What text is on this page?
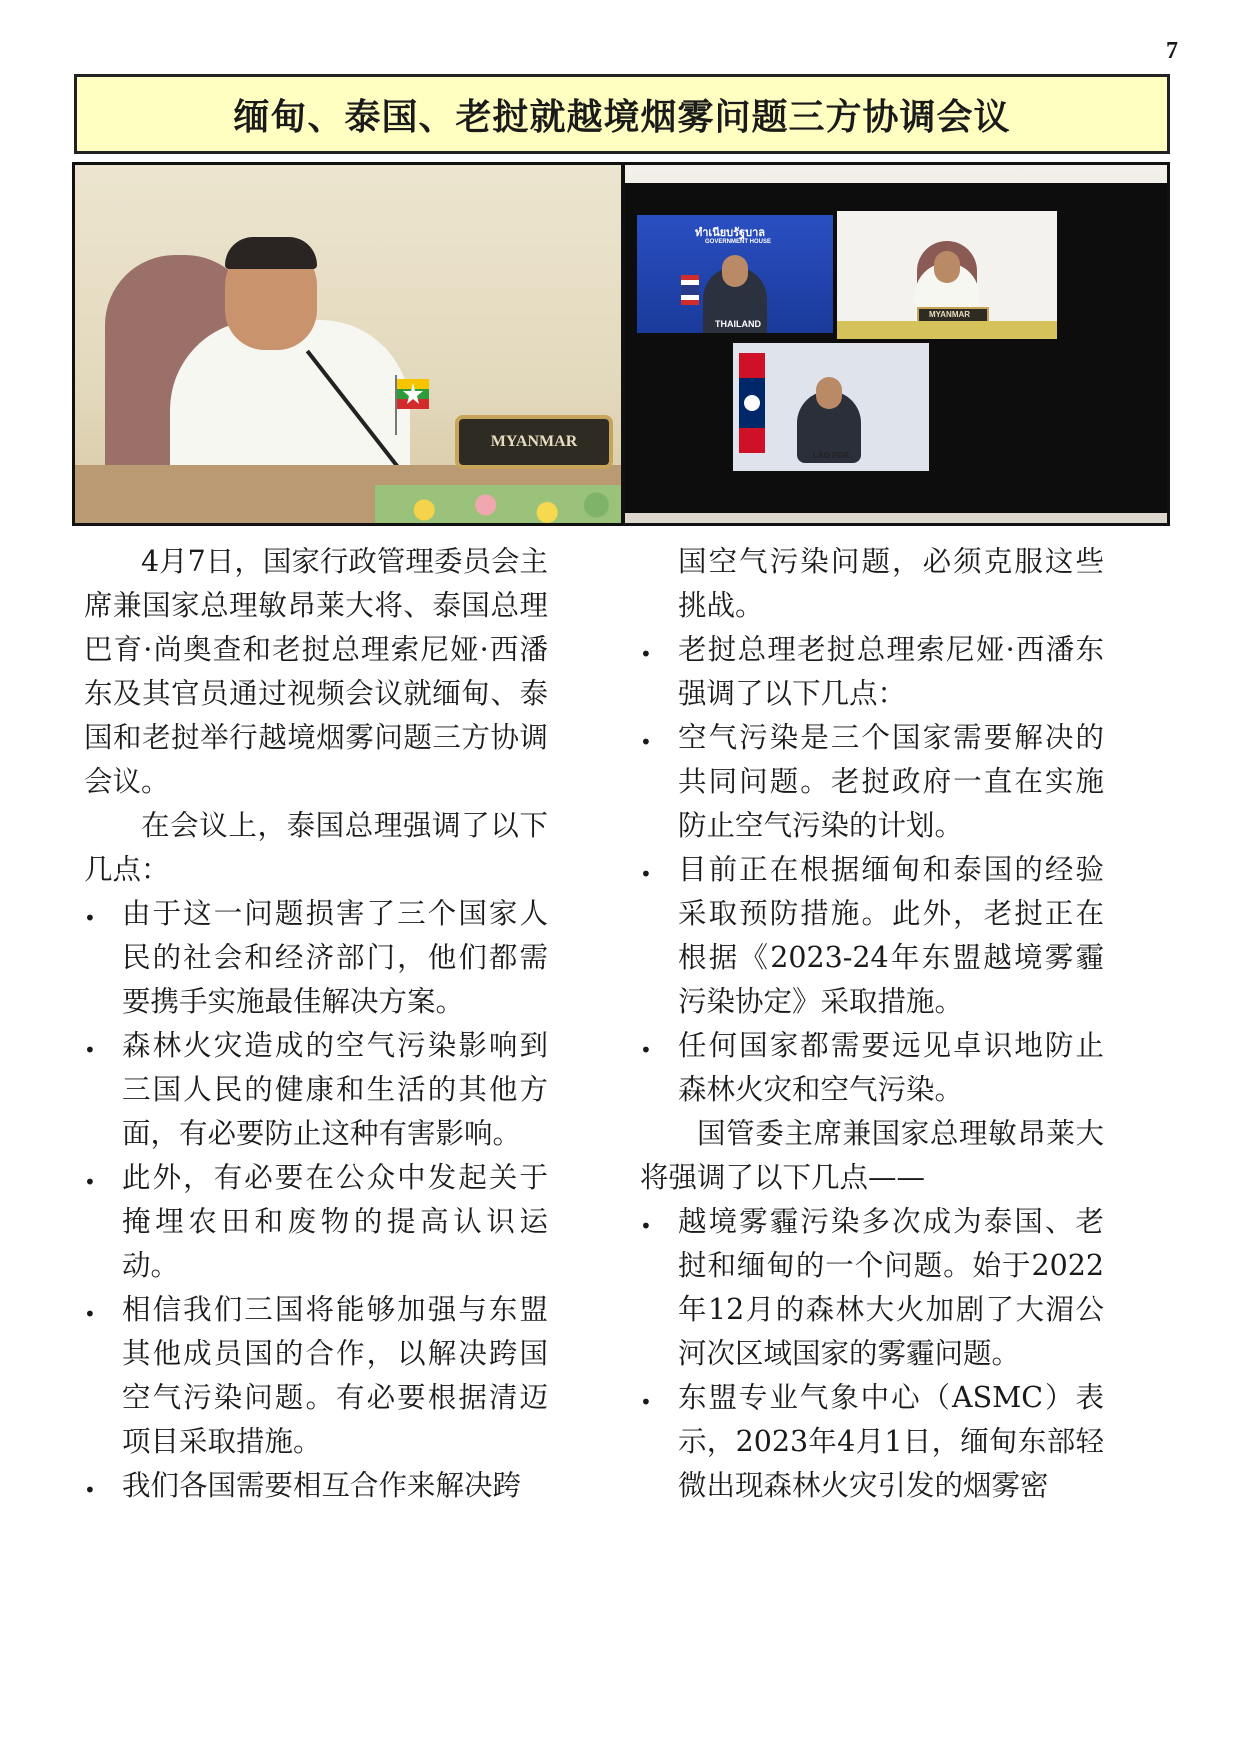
7
缅甸、泰国、老挝就越境烟雾问题三方协调会议
MYANMAR
ทำเนียบรัฐบาล
GOVERNMENT HOUSE
THAILAND
MYANMAR
LAO PDR

4月7日，国家行政管理委员会主席兼国家总理敏昂莱大将、泰国总理巴育·尚奥查和老挝总理索尼娅·西潘东及其官员通过视频会议就缅甸、泰国和老挝举行越境烟雾问题三方协调会议。

在会议上，泰国总理强调了以下几点：

• 由于这一问题损害了三个国家人民的社会和经济部门，他们都需要携手实施最佳解决方案。
• 森林火灾造成的空气污染影响到三国人民的健康和生活的其他方面，有必要防止这种有害影响。
• 此外，有必要在公众中发起关于掩埋农田和废物的提高认识运动。
• 相信我们三国将能够加强与东盟其他成员国的合作，以解决跨国空气污染问题。有必要根据清迈项目采取措施。
• 我们各国需要相互合作来解决跨

国空气污染问题，必须克服这些挑战。

• 老挝总理老挝总理索尼娅·西潘东强调了以下几点：
• 空气污染是三个国家需要解决的共同问题。老挝政府一直在实施防止空气污染的计划。
• 目前正在根据缅甸和泰国的经验采取预防措施。此外，老挝正在根据《2023-24年东盟越境雾霾污染协定》采取措施。
• 任何国家都需要远见卓识地防止森林火灾和空气污染。

国管委主席兼国家总理敏昂莱大将强调了以下几点——

• 越境雾霾污染多次成为泰国、老挝和缅甸的一个问题。始于2022年12月的森林大火加剧了大湄公河次区域国家的雾霾问题。
• 东盟专业气象中心（ASMC）表示，2023年4月1日，缅甸东部轻微出现森林火灾引发的烟雾密
